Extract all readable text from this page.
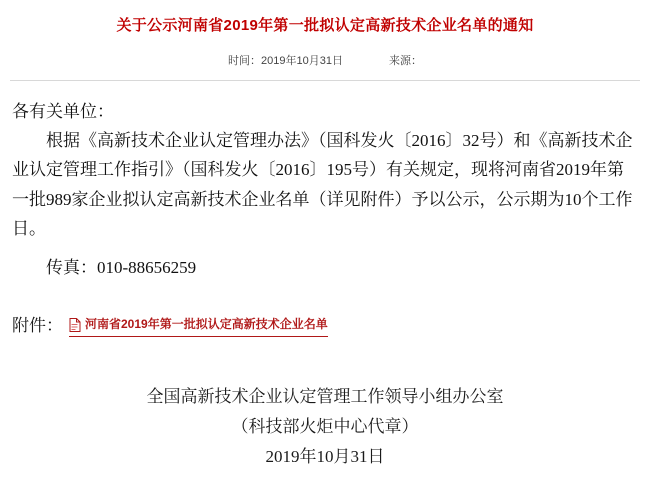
关于公示河南省2019年第一批拟认定高新技术企业名单的通知
时间：2019年10月31日	来源：

各有关单位：

根据《高新技术企业认定管理办法》（国科发火〔2016〕32号）和《高新技术企业认定管理工作指引》（国科发火〔2016〕195号）有关规定，现将河南省2019年第一批989家企业拟认定高新技术企业名单（详见附件）予以公示，公示期为10个工作日。

传真：010-88656259

附件： 河南省2019年第一批拟认定高新技术企业名单
全国高新技术企业认定管理工作领导小组办公室
（科技部火炬中心代章）
2019年10月31日
